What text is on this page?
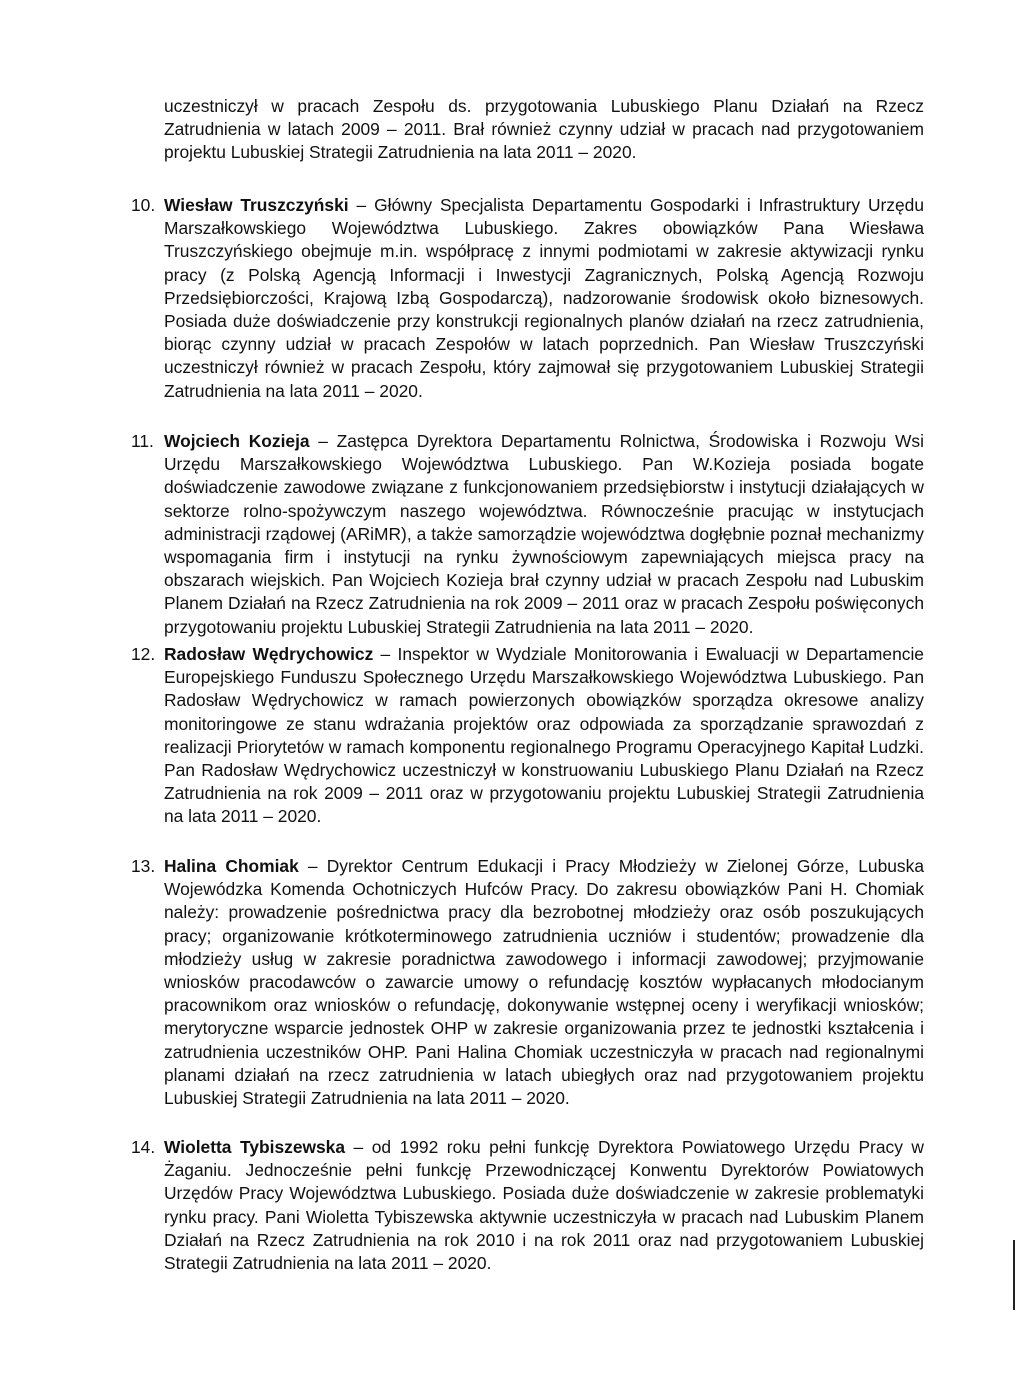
uczestniczył w pracach Zespołu ds. przygotowania Lubuskiego Planu Działań na Rzecz Zatrudnienia w latach 2009 – 2011. Brał również czynny udział w pracach nad przygotowaniem projektu Lubuskiej Strategii Zatrudnienia na lata 2011 – 2020.

10. Wiesław Truszczyński – Główny Specjalista Departamentu Gospodarki i Infrastruktury Urzędu Marszałkowskiego Województwa Lubuskiego. Zakres obowiązków Pana Wiesława Truszczyńskiego obejmuje m.in. współpracę z innymi podmiotami w zakresie aktywizacji rynku pracy (z Polską Agencją Informacji i Inwestycji Zagranicznych, Polską Agencją Rozwoju Przedsiębiorczości, Krajową Izbą Gospodarczą), nadzorowanie środowisk około biznesowych. Posiada duże doświadczenie przy konstrukcji regionalnych planów działań na rzecz zatrudnienia, biorąc czynny udział w pracach Zespołów w latach poprzednich. Pan Wiesław Truszczyński uczestniczył również w pracach Zespołu, który zajmował się przygotowaniem Lubuskiej Strategii Zatrudnienia na lata 2011 – 2020.
11. Wojciech Kozieja – Zastępca Dyrektora Departamentu Rolnictwa, Środowiska i Rozwoju Wsi Urzędu Marszałkowskiego Województwa Lubuskiego. Pan W.Kozieja posiada bogate doświadczenie zawodowe związane z funkcjonowaniem przedsiębiorstw i instytucji działających w sektorze rolno-spożywczym naszego województwa. Równocześnie pracując w instytucjach administracji rządowej (ARiMR), a także samorządzie województwa dogłębnie poznał mechanizmy wspomagania firm i instytucji na rynku żywnościowym zapewniających miejsca pracy na obszarach wiejskich. Pan Wojciech Kozieja brał czynny udział w pracach Zespołu nad Lubuskim Planem Działań na Rzecz Zatrudnienia na rok 2009 – 2011 oraz w pracach Zespołu poświęconych przygotowaniu projektu Lubuskiej Strategii Zatrudnienia na lata 2011 – 2020.
12. Radosław Wędrychowicz – Inspektor w Wydziale Monitorowania i Ewaluacji w Departamencie Europejskiego Funduszu Społecznego Urzędu Marszałkowskiego Województwa Lubuskiego. Pan Radosław Wędrychowicz w ramach powierzonych obowiązków sporządza okresowe analizy monitoringowe ze stanu wdrażania projektów oraz odpowiada za sporządzanie sprawozdań z realizacji Priorytetów w ramach komponentu regionalnego Programu Operacyjnego Kapitał Ludzki. Pan Radosław Wędrychowicz uczestniczył w konstruowaniu Lubuskiego Planu Działań na Rzecz Zatrudnienia na rok 2009 – 2011 oraz w przygotowaniu projektu Lubuskiej Strategii Zatrudnienia na lata 2011 – 2020.
13. Halina Chomiak – Dyrektor Centrum Edukacji i Pracy Młodzieży w Zielonej Górze, Lubuska Wojewódzka Komenda Ochotniczych Hufców Pracy. Do zakresu obowiązków Pani H. Chomiak należy: prowadzenie pośrednictwa pracy dla bezrobotnej młodzieży oraz osób poszukujących pracy; organizowanie krótkoterminowego zatrudnienia uczniów i studentów; prowadzenie dla młodzieży usług w zakresie poradnictwa zawodowego i informacji zawodowej; przyjmowanie wniosków pracodawców o zawarcie umowy o refundację kosztów wypłacanych młodocianym pracownikom oraz wniosków o refundację, dokonywanie wstępnej oceny i weryfikacji wniosków; merytoryczne wsparcie jednostek OHP w zakresie organizowania przez te jednostki kształcenia i zatrudnienia uczestników OHP. Pani Halina Chomiak uczestniczyła w pracach nad regionalnymi planami działań na rzecz zatrudnienia w latach ubiegłych oraz nad przygotowaniem projektu Lubuskiej Strategii Zatrudnienia na lata 2011 – 2020.
14. Wioletta Tybiszewska – od 1992 roku pełni funkcję Dyrektora Powiatowego Urzędu Pracy w Żaganiu. Jednocześnie pełni funkcję Przewodniczącej Konwentu Dyrektorów Powiatowych Urzędów Pracy Województwa Lubuskiego. Posiada duże doświadczenie w zakresie problematyki rynku pracy. Pani Wioletta Tybiszewska aktywnie uczestniczyła w pracach nad Lubuskim Planem Działań na Rzecz Zatrudnienia na rok 2010 i na rok 2011 oraz nad przygotowaniem Lubuskiej Strategii Zatrudnienia na lata 2011 – 2020.
